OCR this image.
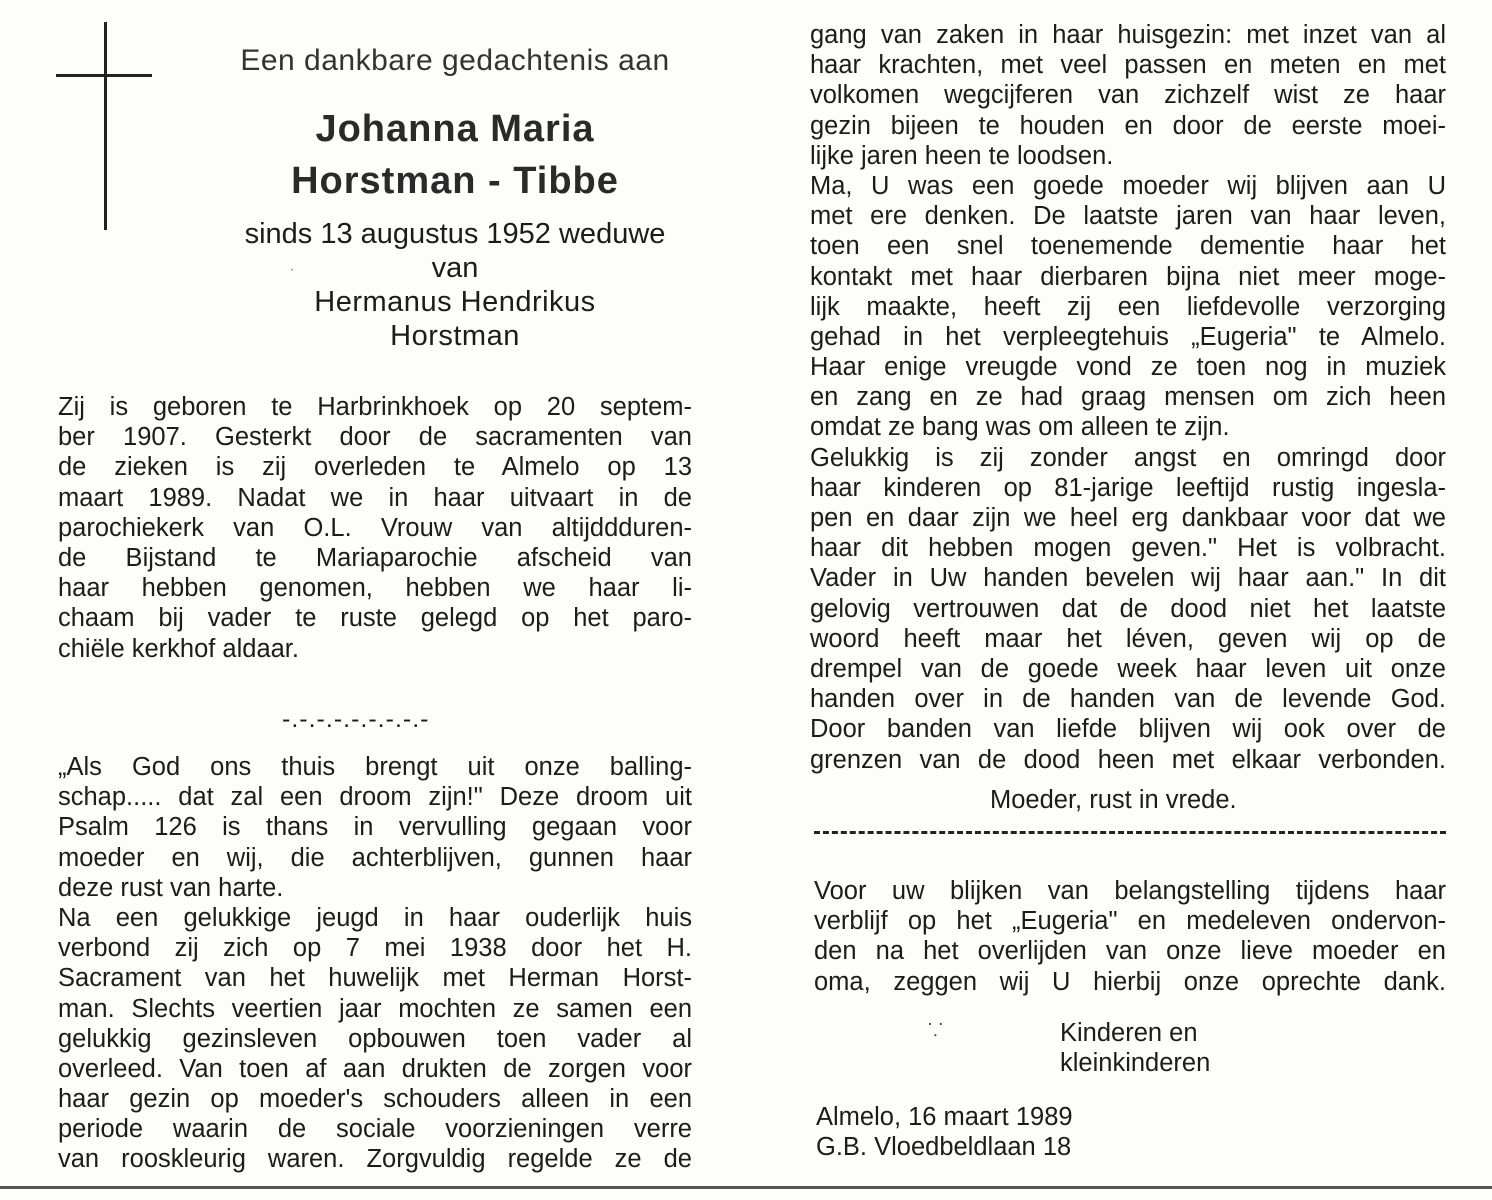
Een dankbare gedachtenis aan
Johanna Maria
Horstman - Tibbe
sinds 13 augustus 1952 weduwe
van
Hermanus Hendrikus
Horstman
Zij is geboren te Harbrinkhoek op 20 septem-
ber 1907. Gesterkt door de sacramenten van
de zieken is zij overleden te Almelo op 13
maart 1989. Nadat we in haar uitvaart in de
parochiekerk van O.L. Vrouw van altijddduren-
de Bijstand te Mariaparochie afscheid van
haar hebben genomen, hebben we haar li-
chaam bij vader te ruste gelegd op het paro-
chiële kerkhof aldaar.
-.-.-.-.-.-.-.-.-
„Als God ons thuis brengt uit onze balling-
schap..... dat zal een droom zijn!" Deze droom uit
Psalm 126 is thans in vervulling gegaan voor
moeder en wij, die achterblijven, gunnen haar
deze rust van harte.
Na een gelukkige jeugd in haar ouderlijk huis
verbond zij zich op 7 mei 1938 door het H.
Sacrament van het huwelijk met Herman Horst-
man. Slechts veertien jaar mochten ze samen een
gelukkig gezinsleven opbouwen toen vader al
overleed. Van toen af aan drukten de zorgen voor
haar gezin op moeder's schouders alleen in een
periode waarin de sociale voorzieningen verre
van rooskleurig waren. Zorgvuldig regelde ze de
gang van zaken in haar huisgezin: met inzet van al
haar krachten, met veel passen en meten en met
volkomen wegcijferen van zichzelf wist ze haar
gezin bijeen te houden en door de eerste moei-
lijke jaren heen te loodsen.
Ma, U was een goede moeder wij blijven aan U
met ere denken. De laatste jaren van haar leven,
toen een snel toenemende dementie haar het
kontakt met haar dierbaren bijna niet meer moge-
lijk maakte, heeft zij een liefdevolle verzorging
gehad in het verpleegtehuis „Eugeria" te Almelo.
Haar enige vreugde vond ze toen nog in muziek
en zang en ze had graag mensen om zich heen
omdat ze bang was om alleen te zijn.
Gelukkig is zij zonder angst en omringd door
haar kinderen op 81-jarige leeftijd rustig ingesla-
pen en daar zijn we heel erg dankbaar voor dat we
haar dit hebben mogen geven." Het is volbracht.
Vader in Uw handen bevelen wij haar aan." In dit
gelovig vertrouwen dat de dood niet het laatste
woord heeft maar het léven, geven wij op de
drempel van de goede week haar leven uit onze
handen over in de handen van de levende God.
Door banden van liefde blijven wij ook over de
grenzen van de dood heen met elkaar verbonden.
Moeder, rust in vrede.
Voor uw blijken van belangstelling tijdens haar
verblijf op het „Eugeria" en medeleven ondervon-
den na het overlijden van onze lieve moeder en
oma, zeggen wij U hierbij onze oprechte dank.
⸪
·
Kinderen en
kleinkinderen
Almelo, 16 maart 1989
G.B. Vloedbeldlaan 18
